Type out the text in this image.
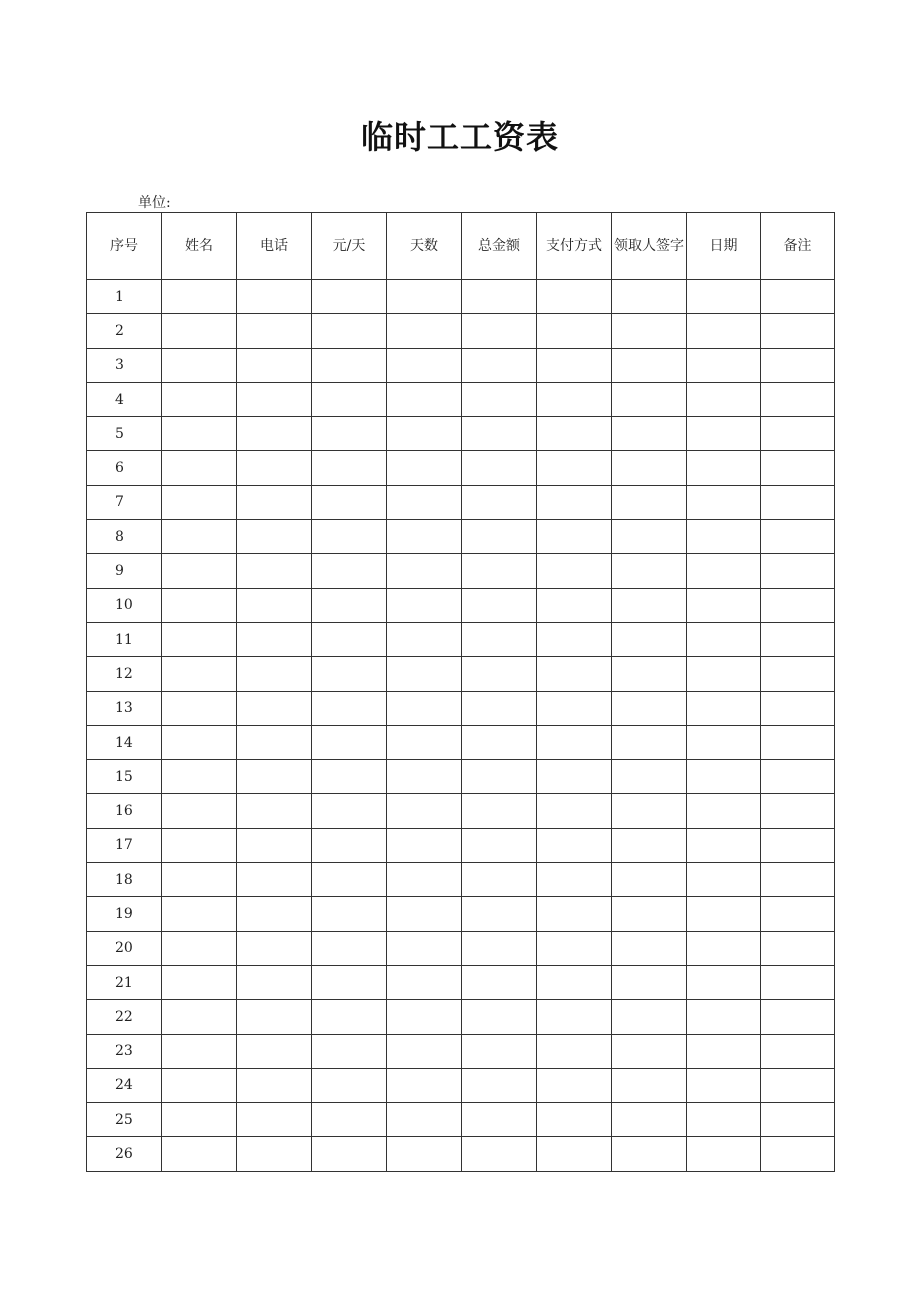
临时工工资表
单位:
序号	姓名	电话	元/天	天数	总金额	支付方式	领取人签字	日期	备注
1									
2									
3									
4									
5									
6									
7									
8									
9									
10									
11									
12									
13									
14									
15									
16									
17									
18									
19									
20									
21									
22									
23									
24									
25									
26									
